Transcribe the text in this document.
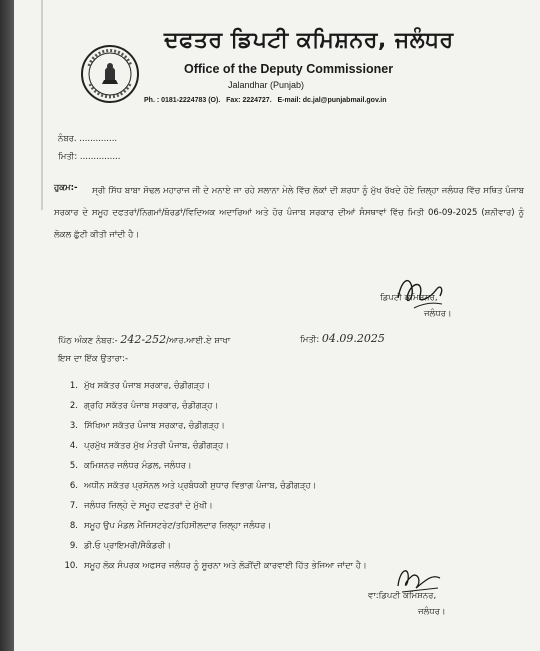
ਦਫਤਰ ਡਿਪਟੀ ਕਮਿਸ਼ਨਰ, ਜਲੰਧਰ
Office of the Deputy Commissioner
Jalandhar (Punjab)
Ph. : 0181-2224783 (O). Fax: 2224727. E-mail: dc.jal@punjabmail.gov.in
ਨੰਬਰ. ..............
ਮਿਤੀ: ...............
ਹੁਕਮ:-	ਸ੍ਰੀ ਸਿੱਧ ਬਾਬਾ ਸੋਢਲ ਮਹਾਰਾਜ ਜੀ ਦੇ ਮਨਾਏ ਜਾ ਰਹੇ ਸਲਾਨਾ ਮੇਲੇ ਵਿੱਚ ਲੋਕਾਂ ਦੀ ਸ਼ਰਧਾ ਨੂੰ ਮੁੱਖ ਰੱਖਦੇ ਹੋਏ ਜ਼ਿਲ੍ਹਾ ਜਲੰਧਰ ਵਿੱਚ ਸਥਿਤ ਪੰਜਾਬ ਸਰਕਾਰ ਦੇ ਸਮੂਹ ਦਫਤਰਾਂ/ਨਿਗਮਾਂ/ਬੋਰਡਾਂ/ਵਿਦਿਅਕ ਅਦਾਰਿਆਂ ਅਤੇ ਹੋਰ ਪੰਜਾਬ ਸਰਕਾਰ ਦੀਆਂ ਸੰਸਥਾਵਾਂ ਵਿੱਚ ਮਿਤੀ 06-09-2025 (ਸ਼ਨੀਵਾਰ) ਨੂੰ ਲੋਕਲ ਛੁੱਟੀ ਕੀਤੀ ਜਾਂਦੀ ਹੈ।
ਡਿਪਟੀ ਕਮਿਸ਼ਨਰ,
ਜਲੰਧਰ।
ਪਿੱਠ ਅੰਕਣ ਨੰਬਰ:- 242-252/ਆਰ.ਆਈ.ਏ ਸ਼ਾਖਾ	ਮਿਤੀ: 04.09.2025
ਇਸ ਦਾ ਇੱਕ ਉਤਾਰਾ:-
1. ਮੁੱਖ ਸਕੱਤਰ ਪੰਜਾਬ ਸਰਕਾਰ, ਚੰਡੀਗੜ੍ਹ।
2. ਗ੍ਰਹਿ ਸਕੱਤਰ ਪੰਜਾਬ ਸਰਕਾਰ, ਚੰਡੀਗੜ੍ਹ।
3. ਸਿੱਖਿਆ ਸਕੱਤਰ ਪੰਜਾਬ ਸਰਕਾਰ, ਚੰਡੀਗੜ੍ਹ।
4. ਪ੍ਰਮੁੱਖ ਸਕੱਤਰ ਮੁੱਖ ਮੰਤਰੀ ਪੰਜਾਬ, ਚੰਡੀਗੜ੍ਹ।
5. ਕਮਿਸ਼ਨਰ ਜਲੰਧਰ ਮੰਡਲ, ਜਲੰਧਰ।
6. ਅਧੀਨ ਸਕੱਤਰ ਪ੍ਰਸੋਨਲ ਅਤੇ ਪ੍ਰਬੰਧਕੀ ਸੁਧਾਰ ਵਿਭਾਗ ਪੰਜਾਬ, ਚੰਡੀਗੜ੍ਹ।
7. ਜਲੰਧਰ ਜ਼ਿਲ੍ਹੇ ਦੇ ਸਮੂਹ ਦਫਤਰਾਂ ਦੇ ਮੁੱਖੀ।
8. ਸਮੂਹ ਉਪ ਮੰਡਲ ਮੈਜਿਸਟਰੇਟ/ਤਹਿਸੀਲਦਾਰ ਜ਼ਿਲ੍ਹਾ ਜਲੰਧਰ।
9. ਡੀ.ਓ ਪ੍ਰਾਇਮਰੀ/ਸੈਕੰਡਰੀ।
10. ਸਮੂਹ ਲੋਕ ਸੰਪਰਕ ਅਫਸਰ ਜਲੰਧਰ ਨੂੰ ਸੂਚਨਾ ਅਤੇ ਲੋੜੀਂਦੀ ਕਾਰਵਾਈ ਹਿੱਤ ਭੇਜਿਆ ਜਾਂਦਾ ਹੈ।
ਵਾ:ਡਿਪਟੀ ਕਮਿਸ਼ਨਰ,
ਜਲੰਧਰ।
